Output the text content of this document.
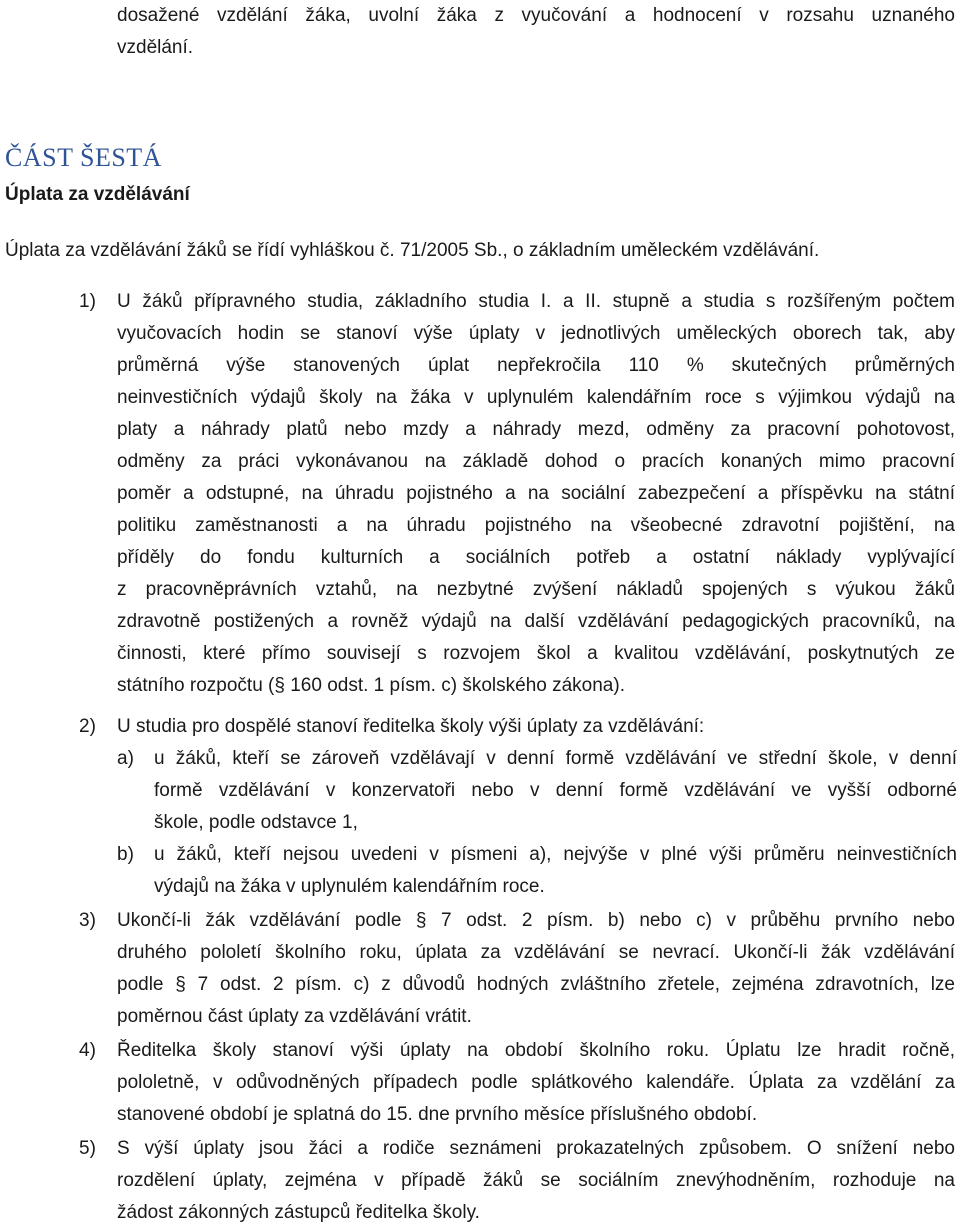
dosažené vzdělání žáka, uvolní žáka z vyučování a hodnocení v rozsahu uznaného
vzdělání.
ČÁST ŠESTÁ
Úplata za vzdělávání
Úplata za vzdělávání žáků se řídí vyhláškou č. 71/2005 Sb., o základním uměleckém vzdělávání.
1)	U žáků přípravného studia, základního studia I. a II. stupně a studia s rozšířeným počtem
vyučovacích hodin se stanoví výše úplaty v jednotlivých uměleckých oborech tak, aby
průměrná výše stanovených úplat nepřekročila 110 % skutečných průměrných
neinvestičních výdajů školy na žáka v uplynulém kalendářním roce s výjimkou výdajů na
platy a náhrady platů nebo mzdy a náhrady mezd, odměny za pracovní pohotovost,
odměny za práci vykonávanou na základě dohod o pracích konaných mimo pracovní
poměr a odstupné, na úhradu pojistného a na sociální zabezpečení a příspěvku na státní
politiku zaměstnanosti a na úhradu pojistného na všeobecné zdravotní pojištění, na
příděly do fondu kulturních a sociálních potřeb a ostatní náklady vyplývající
z pracovněprávních vztahů, na nezbytné zvýšení nákladů spojených s výukou žáků
zdravotně postižených a rovněž výdajů na další vzdělávání pedagogických pracovníků, na
činnosti, které přímo souvisejí s rozvojem škol a kvalitou vzdělávání, poskytnutých ze
státního rozpočtu (§ 160 odst. 1 písm. c) školského zákona).
2)	U studia pro dospělé stanoví ředitelka školy výši úplaty za vzdělávání:
a)	u žáků, kteří se zároveň vzdělávají v denní formě vzdělávání ve střední škole, v denní
formě vzdělávání v konzervatoři nebo v denní formě vzdělávání ve vyšší odborné
škole, podle odstavce 1,
b)	u žáků, kteří nejsou uvedeni v písmeni a), nejvýše v plné výši průměru neinvestičních
výdajů na žáka v uplynulém kalendářním roce.
3)	Ukončí-li žák vzdělávání podle § 7 odst. 2 písm. b) nebo c) v průběhu prvního nebo
druhého pololetí školního roku, úplata za vzdělávání se nevrací. Ukončí-li žák vzdělávání
podle § 7 odst. 2 písm. c) z důvodů hodných zvláštního zřetele, zejména zdravotních, lze
poměrnou část úplaty za vzdělávání vrátit.
4)	Ředitelka školy stanoví výši úplaty na období školního roku. Úplatu lze hradit ročně,
pololetně, v odůvodněných případech podle splátkového kalendáře. Úplata za vzdělání za
stanovené období je splatná do 15. dne prvního měsíce příslušného období.
5)	S výší úplaty jsou žáci a rodiče seznámeni prokazatelných způsobem. O snížení nebo
rozdělení úplaty, zejména v případě žáků se sociálním znevýhodněním, rozhoduje na
žádost zákonných zástupců ředitelka školy.
